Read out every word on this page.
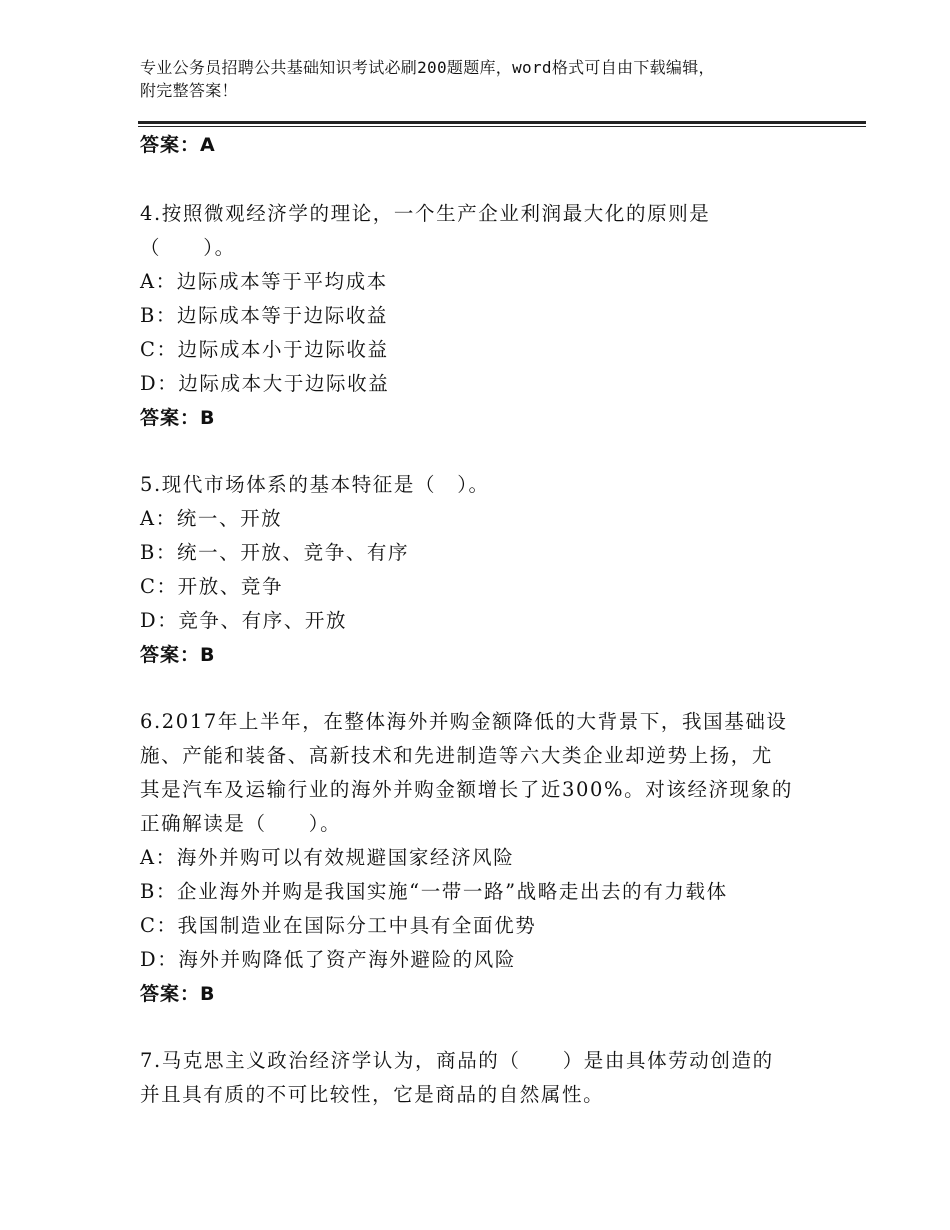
专业公务员招聘公共基础知识考试必刷200题题库，word格式可自由下载编辑，
附完整答案！
答案：A
4.按照微观经济学的理论，一个生产企业利润最大化的原则是
（　　）。
A：边际成本等于平均成本
B：边际成本等于边际收益
C：边际成本小于边际收益
D：边际成本大于边际收益
答案：B
5.现代市场体系的基本特征是（　）。
A：统一、开放
B：统一、开放、竞争、有序
C：开放、竞争
D：竞争、有序、开放
答案：B
6.2017年上半年，在整体海外并购金额降低的大背景下，我国基础设
施、产能和装备、高新技术和先进制造等六大类企业却逆势上扬，尤
其是汽车及运输行业的海外并购金额增长了近300%。对该经济现象的
正确解读是（　　）。
A：海外并购可以有效规避国家经济风险
B：企业海外并购是我国实施“一带一路”战略走出去的有力载体
C：我国制造业在国际分工中具有全面优势
D：海外并购降低了资产海外避险的风险
答案：B
7.马克思主义政治经济学认为，商品的（　　）是由具体劳动创造的
并且具有质的不可比较性，它是商品的自然属性。
